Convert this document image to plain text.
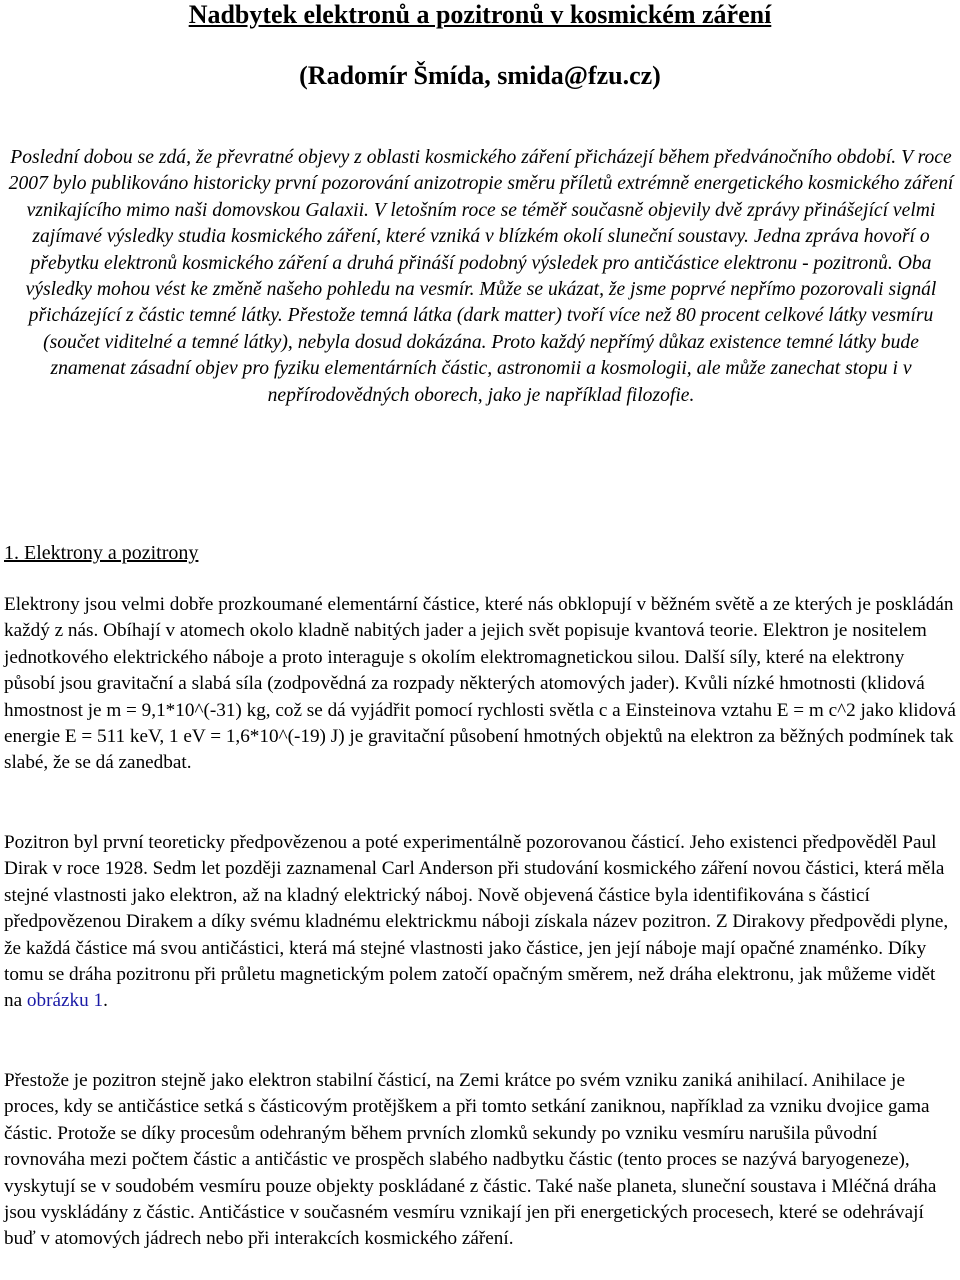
Nadbytek elektronů a pozitronů v kosmickém záření
(Radomír Šmída, smida@fzu.cz)

Poslední dobou se zdá, že převratné objevy z oblasti kosmického záření přicházejí během předvánočního období. V roce 2007 bylo publikováno historicky první pozorování anizotropie směru příletů extrémně energetického kosmického záření vznikajícího mimo naši domovskou Galaxii. V letošním roce se téměř současně objevily dvě zprávy přinášející velmi zajímavé výsledky studia kosmického záření, které vzniká v blízkém okolí sluneční soustavy. Jedna zpráva hovoří o přebytku elektronů kosmického záření a druhá přináší podobný výsledek pro antičástice elektronu - pozitronů. Oba výsledky mohou vést ke změně našeho pohledu na vesmír. Může se ukázat, že jsme poprvé nepřímo pozorovali signál přicházející z částic temné látky. Přestože temná látka (dark matter) tvoří více než 80 procent celkové látky vesmíru (součet viditelné a temné látky), nebyla dosud dokázána. Proto každý nepřímý důkaz existence temné látky bude znamenat zásadní objev pro fyziku elementárních částic, astronomii a kosmologii, ale může zanechat stopu i v nepřírodovědných oborech, jako je například filozofie.

1. Elektrony a pozitrony

Elektrony jsou velmi dobře prozkoumané elementární částice, které nás obklopují v běžném světě a ze kterých je poskládán každý z nás. Obíhají v atomech okolo kladně nabitých jader a jejich svět popisuje kvantová teorie. Elektron je nositelem jednotkového elektrického náboje a proto interaguje s okolím elektromagnetickou silou. Další síly, které na elektrony působí jsou gravitační a slabá síla (zodpovědná za rozpady některých atomových jader). Kvůli nízké hmotnosti (klidová hmostnost je m = 9,1*10^(-31) kg, což se dá vyjádřit pomocí rychlosti světla c a Einsteinova vztahu E = m c^2 jako klidová energie E = 511 keV, 1 eV = 1,6*10^(-19) J) je gravitační působení hmotných objektů na elektron za běžných podmínek tak slabé, že se dá zanedbat.

Pozitron byl první teoreticky předpovězenou a poté experimentálně pozorovanou částicí. Jeho existenci předpověděl Paul Dirak v roce 1928. Sedm let později zaznamenal Carl Anderson při studování kosmického záření novou částici, která měla stejné vlastnosti jako elektron, až na kladný elektrický náboj. Nově objevená částice byla identifikována s částicí předpovězenou Dirakem a díky svému kladnému elektrickmu náboji získala název pozitron. Z Dirakovy předpovědi plyne, že každá částice má svou antičástici, která má stejné vlastnosti jako částice, jen její náboje mají opačné znaménko. Díky tomu se dráha pozitronu při průletu magnetickým polem zatočí opačným směrem, než dráha elektronu, jak můžeme vidět na obrázku 1.

Přestože je pozitron stejně jako elektron stabilní částicí, na Zemi krátce po svém vzniku zaniká anihilací. Anihilace je proces, kdy se antičástice setká s částicovým protějškem a při tomto setkání zaniknou, například za vzniku dvojice gama částic. Protože se díky procesům odehraným během prvních zlomků sekundy po vzniku vesmíru narušila původní rovnováha mezi počtem částic a antičástic ve prospěch slabého nadbytku částic (tento proces se nazývá baryogeneze), vyskytují se v soudobém vesmíru pouze objekty poskládané z částic. Také naše planeta, sluneční soustava i Mléčná dráha jsou vyskládány z částic. Antičástice v současném vesmíru vznikají jen při energetických procesech, které se odehrávají buď v atomových jádrech nebo při interakcích kosmického záření.
